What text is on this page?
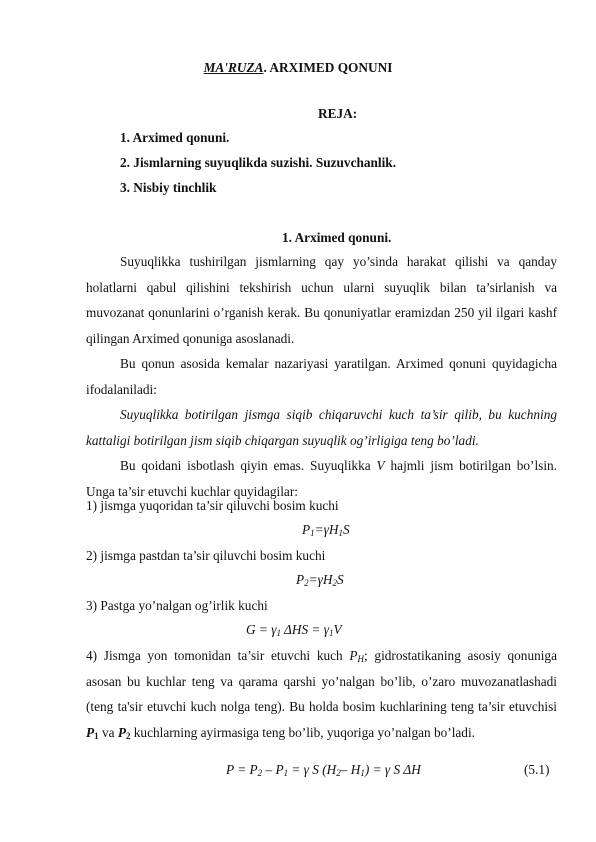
MA'RUZA. ARXIMED QONUNI
REJA:
1. Arximed qonuni.
2. Jismlarning suyuqlikda suzishi. Suzuvchanlik.
3. Nisbiy tinchlik
1. Arximed qonuni.
Suyuqlikka tushirilgan jismlarning qay yo’sinda harakat qilishi va qanday holatlarni qabul qilishini tekshirish uchun ularni suyuqlik bilan ta’sirlanish va muvozanat qonunlarini o’rganish kerak. Bu qonuniyatlar eramizdan 250 yil ilgari kashf qilingan Arximed qonuniga asoslanadi.
Bu qonun asosida kemalar nazariyasi yaratilgan. Arximed qonuni quyidagicha ifodalaniladi:
Suyuqlikka botirilgan jismga siqib chiqaruvchi kuch ta’sir qilib, bu kuchning kattaligi botirilgan jism siqib chiqargan suyuqlik og’irligiga teng bo’ladi.
Bu qoidani isbotlash qiyin emas. Suyuqlikka V hajmli jism botirilgan bo’lsin. Unga ta’sir etuvchi kuchlar quyidagilar:
1) jismga yuqoridan ta’sir qiluvchi bosim kuchi
$P_1=\gamma H_1S$
2) jismga pastdan ta’sir qiluvchi bosim kuchi
$P_2=\gamma H_2S$
3) Pastga yo’nalgan og’irlik kuchi
$G = \gamma_1$ $\Delta HS = \gamma_1V$
4) Jismga yon tomonidan ta’sir etuvchi kuch $P_H$; gidrostatikaning asosiy qonuniga asosan bu kuchlar teng va qarama qarshi yo’nalgan bo’lib, o’zaro muvozanatlashadi (teng ta'sir etuvchi kuch nolga teng). Bu holda bosim kuchlarining teng ta’sir etuvchisi $P_1$ va $P_2$ kuchlarning ayirmasiga teng bo’lib, yuqoriga yo’nalgan bo’ladi.
$P = P_2 - P_1 = \gamma$ S ($H_2-$ $H_1) = \gamma$ S ΔH	(5.1)
